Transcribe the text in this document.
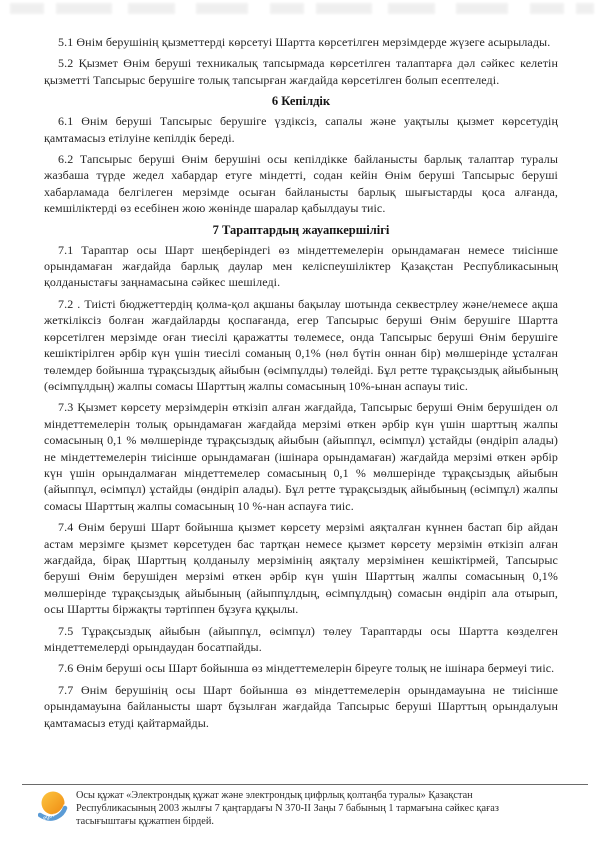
5.1 Өнім берушінің қызметтерді көрсетуі Шартта көрсетілген мерзімдерде жүзеге асырылады.

5.2 Қызмет Өнім беруші техникалық тапсырмада көрсетілген талаптарға дәл сәйкес келетін қызметті Тапсырыс берушіге толық тапсырған жағдайда көрсетілген болып есептеледі.

6 Кепілдік

6.1 Өнім беруші Тапсырыс берушіге үздіксіз, сапалы және уақтылы қызмет көрсетудің қамтамасыз етілуіне кепілдік береді.

6.2 Тапсырыс беруші Өнім берушіні осы кепілдікке байланысты барлық талаптар туралы жазбаша түрде жедел хабардар етуге міндетті, содан кейін Өнім беруші Тапсырыс беруші хабарламада белгілеген мерзімде осыған байланысты барлық шығыстарды қоса алғанда, кемшіліктерді өз есебінен жою жөнінде шаралар қабылдауы тиіс.

7 Тараптардың жауапкершілігі

7.1 Тараптар осы Шарт шеңберіндегі өз міндеттемелерін орындамаған немесе тиісінше орындамаған жағдайда барлық даулар мен келіспеушіліктер Қазақстан Республикасының қолданыстағы заңнамасына сәйкес шешіледі.

7.2 . Тиісті бюджеттердің қолма-қол ақшаны бақылау шотында секвестрлеу және/немесе ақша жеткіліксіз болған жағдайларды қоспағанда, егер Тапсырыс беруші Өнім берушіге Шартта көрсетілген мерзімде оған тиесілі қаражатты төлемесе, онда Тапсырыс беруші Өнім берушіге кешіктірілген әрбір күн үшін тиесілі соманың 0,1% (нөл бүтін оннан бір) мөлшерінде ұсталған төлемдер бойынша тұрақсыздық айыбын (өсімпұлды) төлейді. Бұл ретте тұрақсыздық айыбының (өсімпұлдың) жалпы сомасы Шарттың жалпы сомасының 10%-ынан аспауы тиіс.

7.3 Қызмет көрсету мерзімдерін өткізіп алған жағдайда, Тапсырыс беруші Өнім берушіден ол міндеттемелерін толық орындамаған жағдайда мерзімі өткен әрбір күн үшін шарттың жалпы сомасының 0,1 % мөлшерінде тұрақсыздық айыбын (айыппұл, өсімпұл) ұстайды (өндіріп алады) не міндеттемелерін тиісінше орындамаған (ішінара орындамаған) жағдайда мерзімі өткен әрбір күн үшін орындалмаған міндеттемелер сомасының 0,1 % мөлшерінде тұрақсыздық айыбын (айыппұл, өсімпұл) ұстайды (өндіріп алады). Бұл ретте тұрақсыздық айыбының (өсімпұл) жалпы сомасы Шарттың жалпы сомасының 10 %-нан аспауға тиіс.

7.4 Өнім беруші Шарт бойынша қызмет көрсету мерзімі аяқталған күннен бастап бір айдан астам мерзімге қызмет көрсетуден бас тартқан немесе қызмет көрсету мерзімін өткізіп алған жағдайда, бірақ Шарттың қолданылу мерзімінің аяқталу мерзімінен кешіктірмей, Тапсырыс беруші Өнім берушіден мерзімі өткен әрбір күн үшін Шарттың жалпы сомасының 0,1% мөлшерінде тұрақсыздық айыбының (айыппұлдың, өсімпұлдың) сомасын өндіріп ала отырып, осы Шартты біржақты тәртіппен бұзуға құқылы.

7.5 Тұрақсыздық айыбын (айыппұл, өсімпұл) төлеу Тараптарды осы Шартта көзделген міндеттемелерді орындаудан босатпайды.

7.6 Өнім беруші осы Шарт бойынша өз міндеттемелерін біреуге толық не ішінара бермеуі тиіс.

7.7 Өнім берушінің осы Шарт бойынша өз міндеттемелерін орындамауына не тиісінше орындамауына байланысты шарт бұзылған жағдайда Тапсырыс беруші Шарттың орындалуын қамтамасыз етуді қайтармайды.

egov
Осы құжат «Электрондық құжат және электрондық цифрлық қолтаңба туралы» Қазақстан Республикасының 2003 жылғы 7 қаңтардағы N 370-II Заңы 7 бабының 1 тармағына сәйкес қағаз тасығыштағы құжатпен бірдей.
